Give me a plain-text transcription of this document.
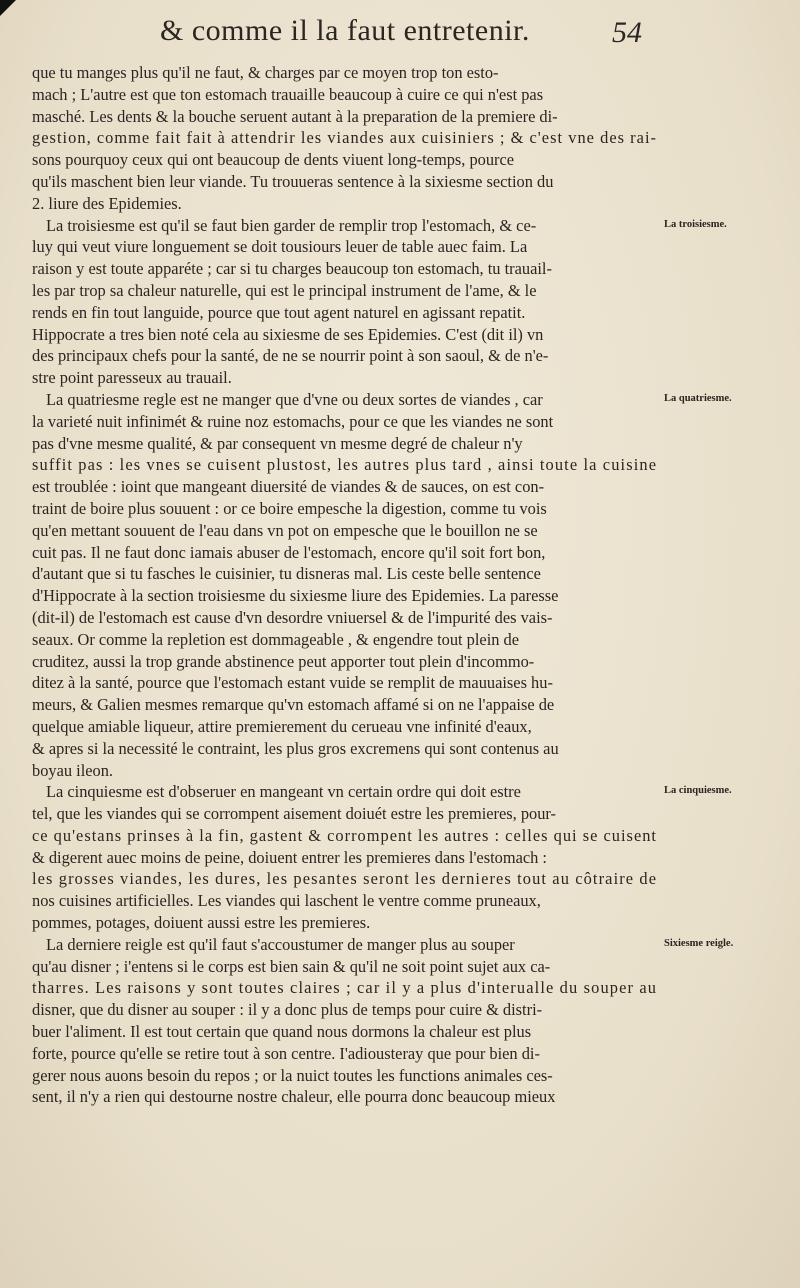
& comme il la faut entretenir.	54
que tu manges plus qu'il ne faut, & charges par ce moyen trop ton esto-
mach ; L'autre est que ton estomach trauaille beaucoup à cuire ce qui n'est pas
masché. Les dents & la bouche seruent autant à la preparation de la premiere di-
gestion, comme fait fait à attendrir les viandes aux cuisiniers ; & c'est vne des rai-
sons pourquoy ceux qui ont beaucoup de dents viuent long-temps, pource
qu'ils maschent bien leur viande. Tu trouueras sentence à la sixiesme section du
2. liure des Epidemies.
La troisiesme est qu'il se faut bien garder de remplir trop l'estomach, & ce-
luy qui veut viure longuement se doit tousiours leuer de table auec faim. La
raison y est toute apparéte ; car si tu charges beaucoup ton estomach, tu trauail-
les par trop sa chaleur naturelle, qui est le principal instrument de l'ame, & le
rends en fin tout languide, pource que tout agent naturel en agissant repatit.
Hippocrate a tres bien noté cela au sixiesme de ses Epidemies. C'est (dit il) vn
des principaux chefs pour la santé, de ne se nourrir point à son saoul, & de n'e-
stre point paresseux au trauail.
La quatriesme regle est ne manger que d'vne ou deux sortes de viandes , car
la varieté nuit infinimét & ruine noz estomachs, pour ce que les viandes ne sont
pas d'vne mesme qualité, & par consequent vn mesme degré de chaleur n'y
suffit pas : les vnes se cuisent plustost, les autres plus tard , ainsi toute la cuisine
est troublée : ioint que mangeant diuersité de viandes & de sauces, on est con-
traint de boire plus souuent : or ce boire empesche la digestion, comme tu vois
qu'en mettant souuent de l'eau dans vn pot on empesche que le bouillon ne se
cuit pas. Il ne faut donc iamais abuser de l'estomach, encore qu'il soit fort bon,
d'autant que si tu fasches le cuisinier, tu disneras mal. Lis ceste belle sentence
d'Hippocrate à la section troisiesme du sixiesme liure des Epidemies. La paresse
(dit-il) de l'estomach est cause d'vn desordre vniuersel & de l'impurité des vais-
seaux. Or comme la repletion est dommageable , & engendre tout plein de
cruditez, aussi la trop grande abstinence peut apporter tout plein d'incommo-
ditez à la santé, pource que l'estomach estant vuide se remplit de mauuaises hu-
meurs, & Galien mesmes remarque qu'vn estomach affamé si on ne l'appaise de
quelque amiable liqueur, attire premierement du cerueau vne infinité d'eaux,
& apres si la necessité le contraint, les plus gros excremens qui sont contenus au
boyau ileon.
La cinquiesme est d'obseruer en mangeant vn certain ordre qui doit estre
tel, que les viandes qui se corrompent aisement doiuét estre les premieres, pour-
ce qu'estans prinses à la fin, gastent & corrompent les autres : celles qui se cuisent
& digerent auec moins de peine, doiuent entrer les premieres dans l'estomach :
les grosses viandes, les dures, les pesantes seront les dernieres tout au côtraire de
nos cuisines artificielles. Les viandes qui laschent le ventre comme pruneaux,
pommes, potages, doiuent aussi estre les premieres.
La derniere reigle est qu'il faut s'accoustumer de manger plus au souper
qu'au disner ; i'entens si le corps est bien sain & qu'il ne soit point sujet aux ca-
tharres. Les raisons y sont toutes claires ; car il y a plus d'interualle du souper au
disner, que du disner au souper : il y a donc plus de temps pour cuire & distri-
buer l'aliment. Il est tout certain que quand nous dormons la chaleur est plus
forte, pource qu'elle se retire tout à son centre. I'adiousteray que pour bien di-
gerer nous auons besoin du repos ; or la nuict toutes les functions animales ces-
sent, il n'y a rien qui destourne nostre chaleur, elle pourra donc beaucoup mieux
La troisiesme.
La quatriesme.
La cinquiesme.
Sixiesme reigle.
